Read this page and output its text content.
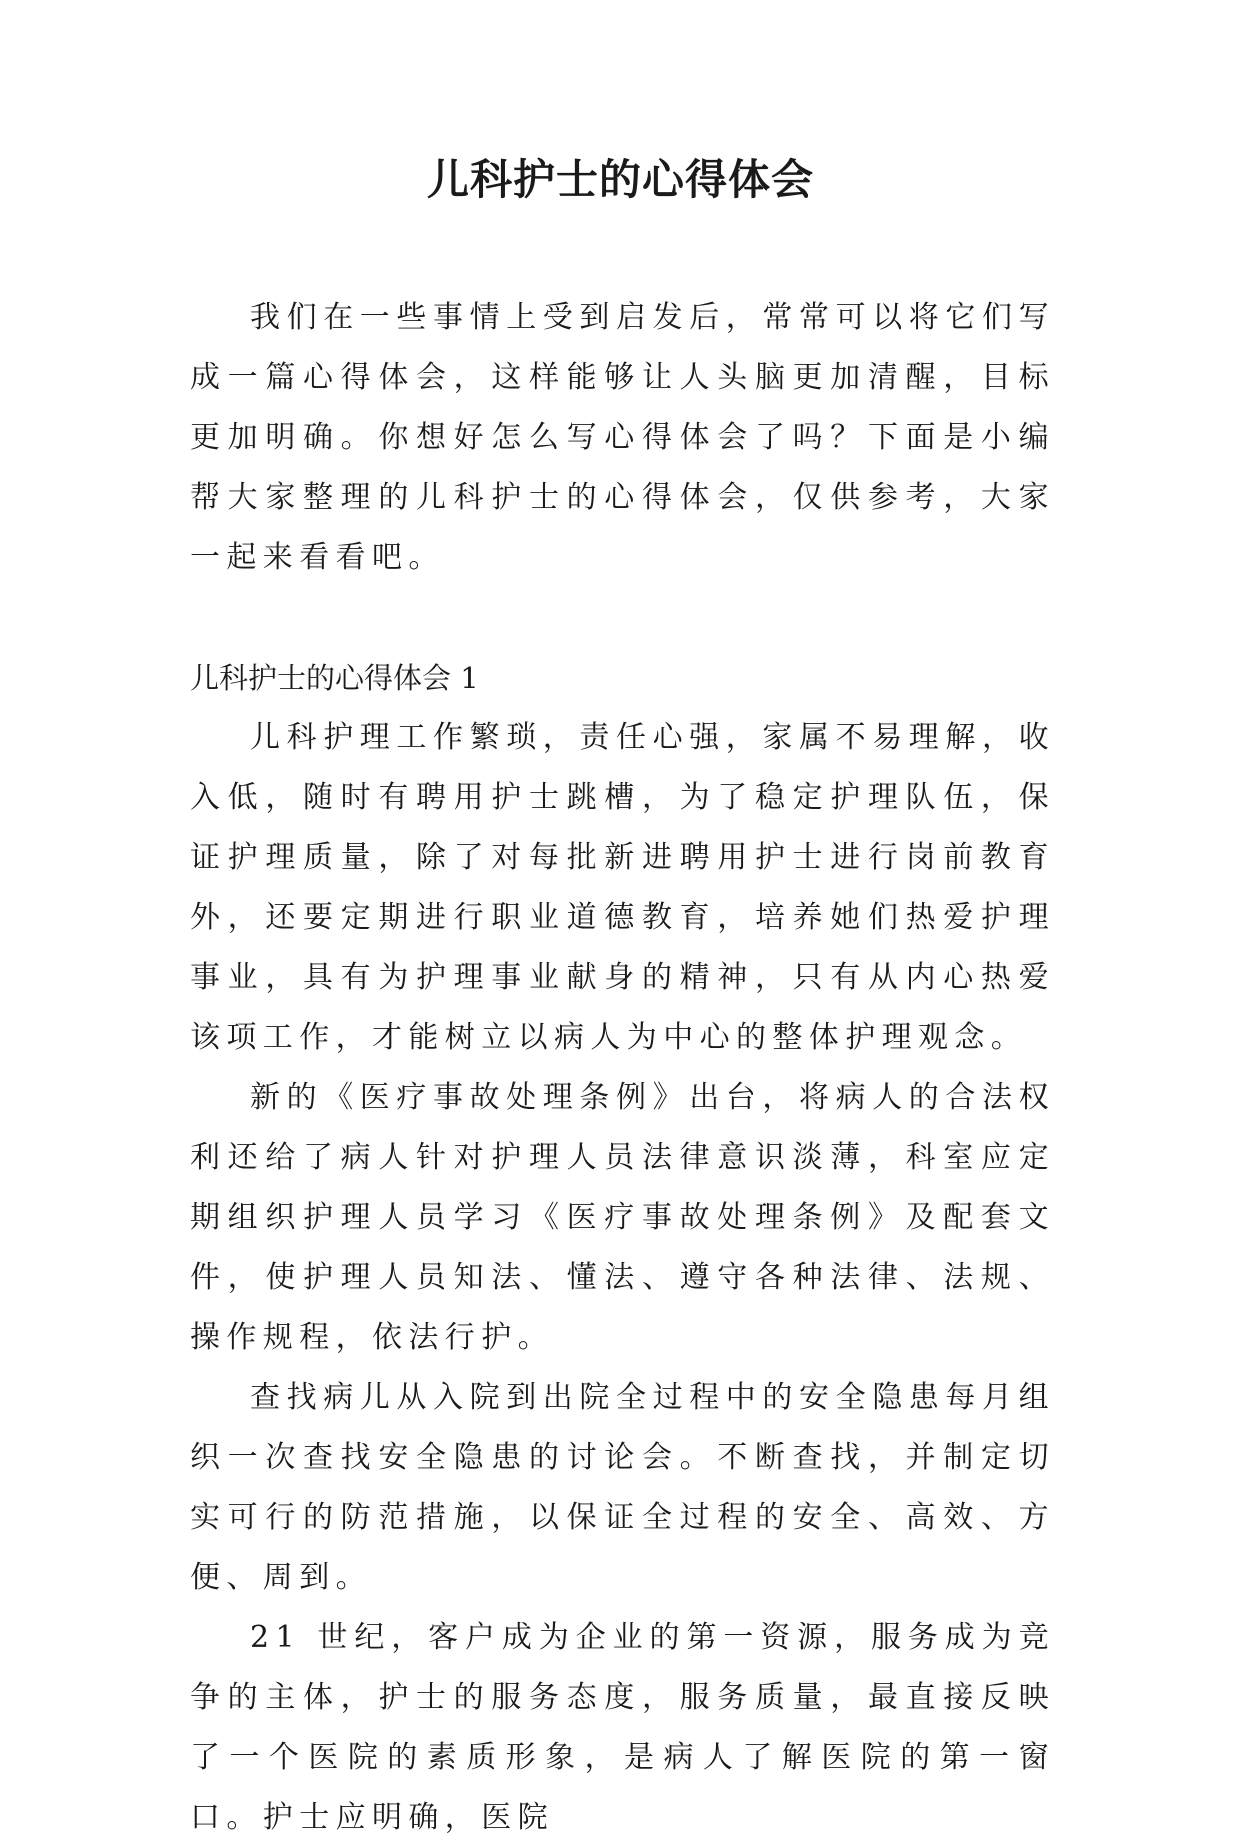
儿科护士的心得体会

我们在一些事情上受到启发后，常常可以将它们写成一篇心得体会，这样能够让人头脑更加清醒，目标更加明确。你想好怎么写心得体会了吗？下面是小编帮大家整理的儿科护士的心得体会，仅供参考，大家一起来看看吧。

儿科护士的心得体会 1

儿科护理工作繁琐，责任心强，家属不易理解，收入低，随时有聘用护士跳槽，为了稳定护理队伍，保证护理质量，除了对每批新进聘用护士进行岗前教育外，还要定期进行职业道德教育，培养她们热爱护理事业，具有为护理事业献身的精神，只有从内心热爱该项工作，才能树立以病人为中心的整体护理观念。

新的《医疗事故处理条例》出台，将病人的合法权利还给了病人针对护理人员法律意识淡薄，科室应定期组织护理人员学习《医疗事故处理条例》及配套文件，使护理人员知法、懂法、遵守各种法律、法规、操作规程，依法行护。

查找病儿从入院到出院全过程中的安全隐患每月组织一次查找安全隐患的讨论会。不断查找，并制定切实可行的防范措施，以保证全过程的安全、高效、方便、周到。

21 世纪，客户成为企业的第一资源，服务成为竞争的主体，护士的服务态度，服务质量，最直接反映了一个医院的素质形象，是病人了解医院的第一窗口。护士应明确，医院
